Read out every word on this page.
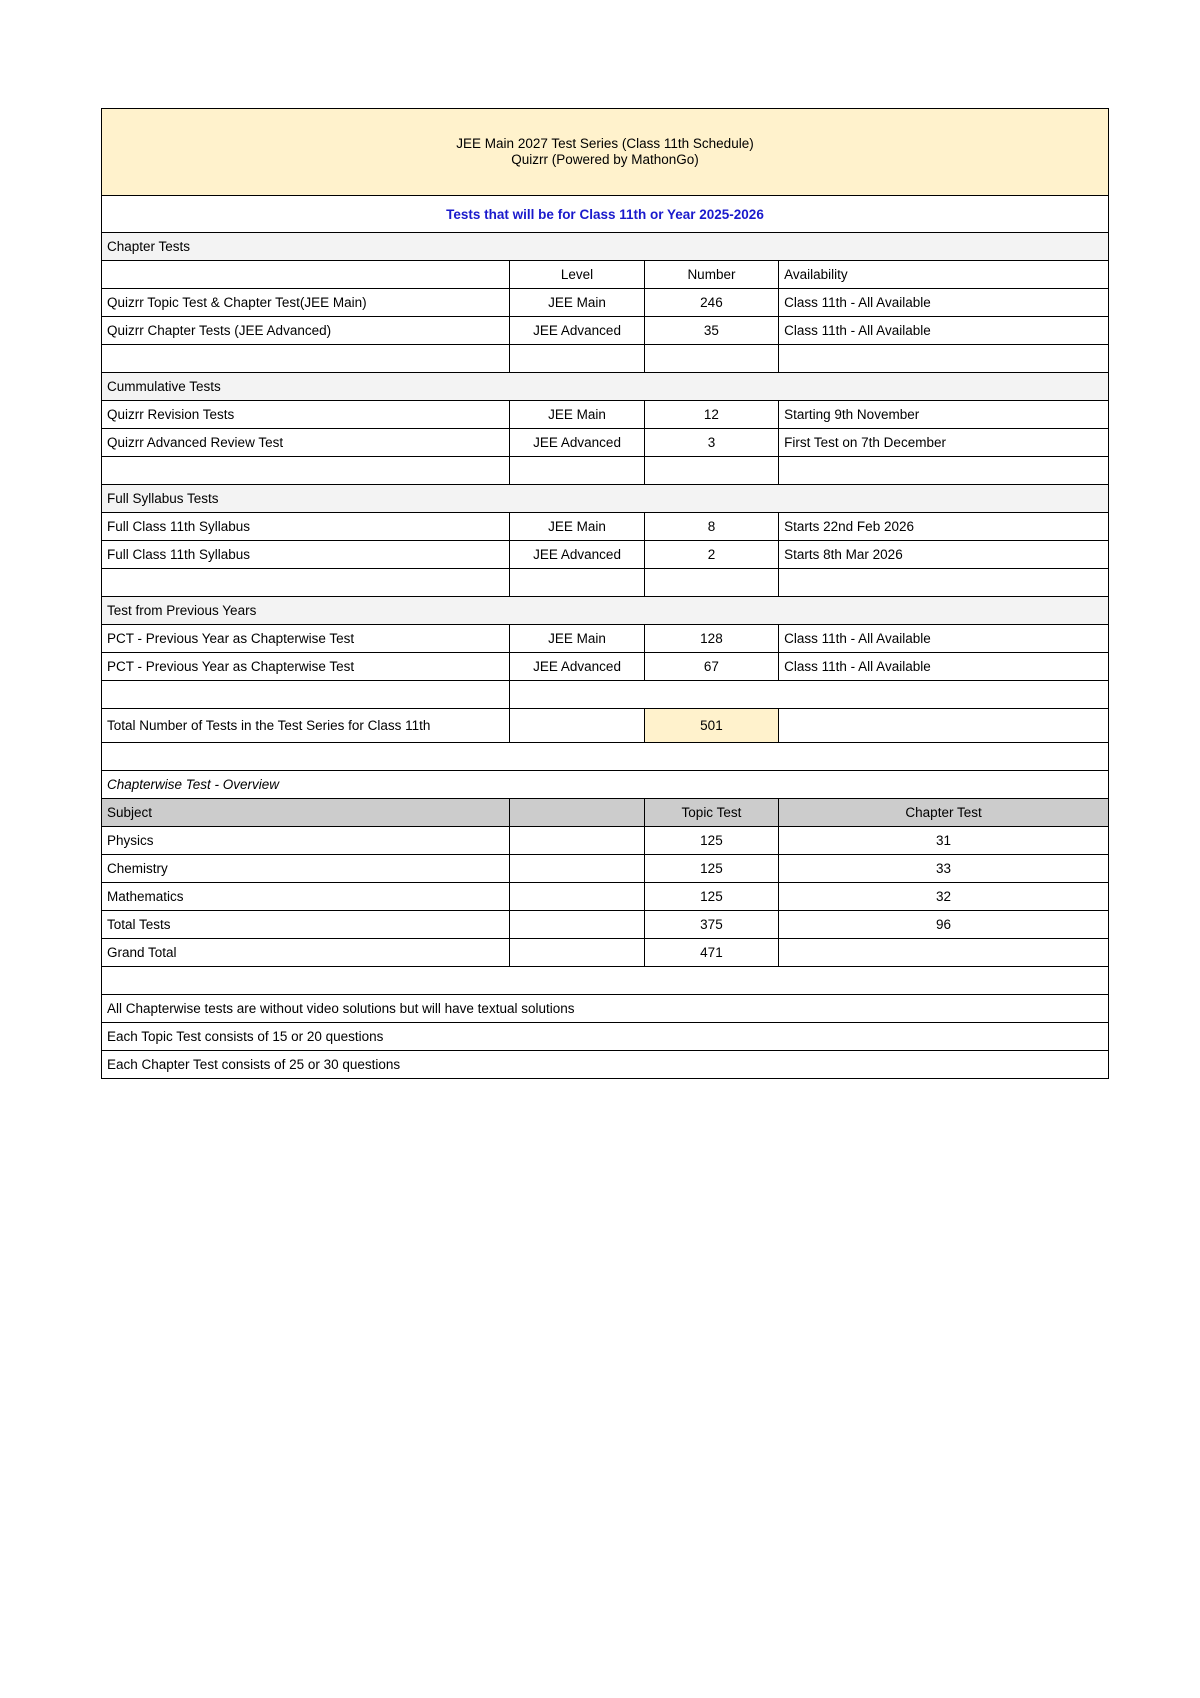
JEE Main 2027 Test Series (Class 11th Schedule)
Quizrr (Powered by MathonGo)			

Tests that will be for Class 11th or Year 2025-2026			
Chapter Tests			
	Level	Number	Availability
Quizrr Topic Test & Chapter Test(JEE Main)	JEE Main	246	Class 11th - All Available
Quizrr Chapter Tests (JEE Advanced)	JEE Advanced	35	Class 11th - All Available

Cummulative Tests			
Quizrr Revision Tests	JEE Main	12	Starting 9th November
Quizrr Advanced Review Test	JEE Advanced	3	First Test on 7th December

Full Syllabus Tests			
Full Class 11th Syllabus	JEE Main	8	Starts 22nd Feb 2026
Full Class 11th Syllabus	JEE Advanced	2	Starts 8th Mar 2026

Test from Previous Years			
PCT - Previous Year as Chapterwise Test	JEE Main	128	Class 11th - All Available
PCT - Previous Year as Chapterwise Test	JEE Advanced	67	Class 11th - All Available

Total Number of Tests in the Test Series for Class 11th		501	

Chapterwise Test - Overview			
Subject		Topic Test	Chapter Test
Physics		125	31
Chemistry		125	33
Mathematics		125	32
Total Tests		375	96
Grand Total		471	

All Chapterwise tests are without video solutions but will have textual solutions			
Each Topic Test consists of 15 or 20 questions			
Each Chapter Test consists of 25 or 30 questions			
